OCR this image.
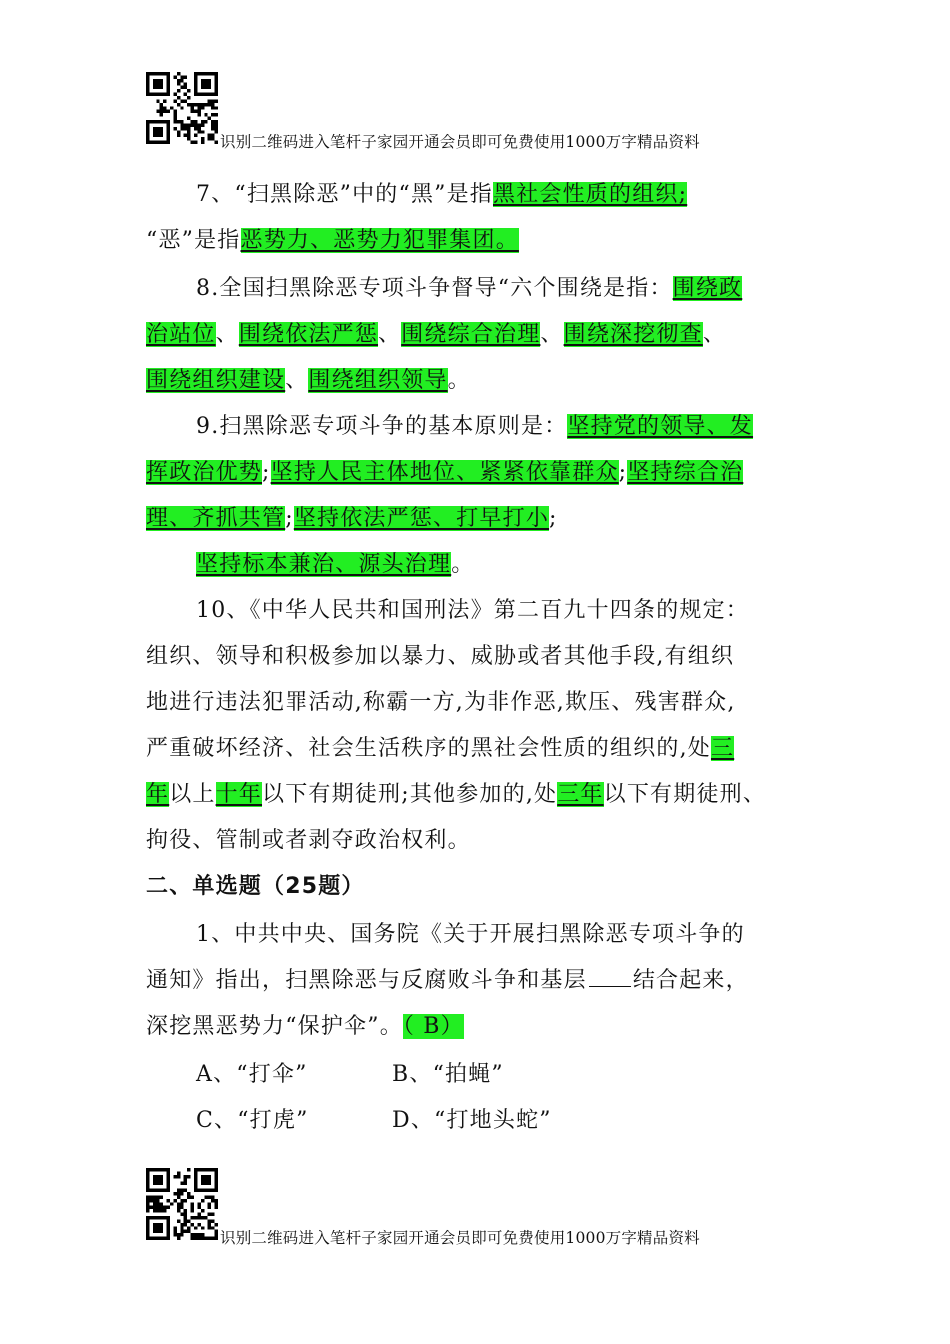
识别二维码进入笔杆子家园开通会员即可免费使用1000万字精品资料
7、“扫黑除恶”中的“黑”是指黑社会性质的组织;
“恶”是指恶势力、恶势力犯罪集团。
8.全国扫黑除恶专项斗争督导“六个围绕是指：围绕政
治站位、围绕依法严惩、围绕综合治理、围绕深挖彻查、
围绕组织建设、围绕组织领导。
9.扫黑除恶专项斗争的基本原则是：坚持党的领导、发
挥政治优势;坚持人民主体地位、紧紧依靠群众;坚持综合治
理、齐抓共管;坚持依法严惩、打早打小;
坚持标本兼治、源头治理。
10、《中华人民共和国刑法》第二百九十四条的规定：
组织、领导和积极参加以暴力、威胁或者其他手段,有组织
地进行违法犯罪活动,称霸一方,为非作恶,欺压、残害群众,
严重破坏经济、社会生活秩序的黑社会性质的组织的,处三
年以上十年以下有期徒刑;其他参加的,处三年以下有期徒刑、
拘役、管制或者剥夺政治权利。
二、单选题（25题）
1、中共中央、国务院《关于开展扫黑除恶专项斗争的
通知》指出，扫黑除恶与反腐败斗争和基层 结合起来，
深挖黑恶势力“保护伞”。（ B）
A、“打伞”	B、“拍蝇”
C、“打虎”	D、“打地头蛇”
识别二维码进入笔杆子家园开通会员即可免费使用1000万字精品资料
